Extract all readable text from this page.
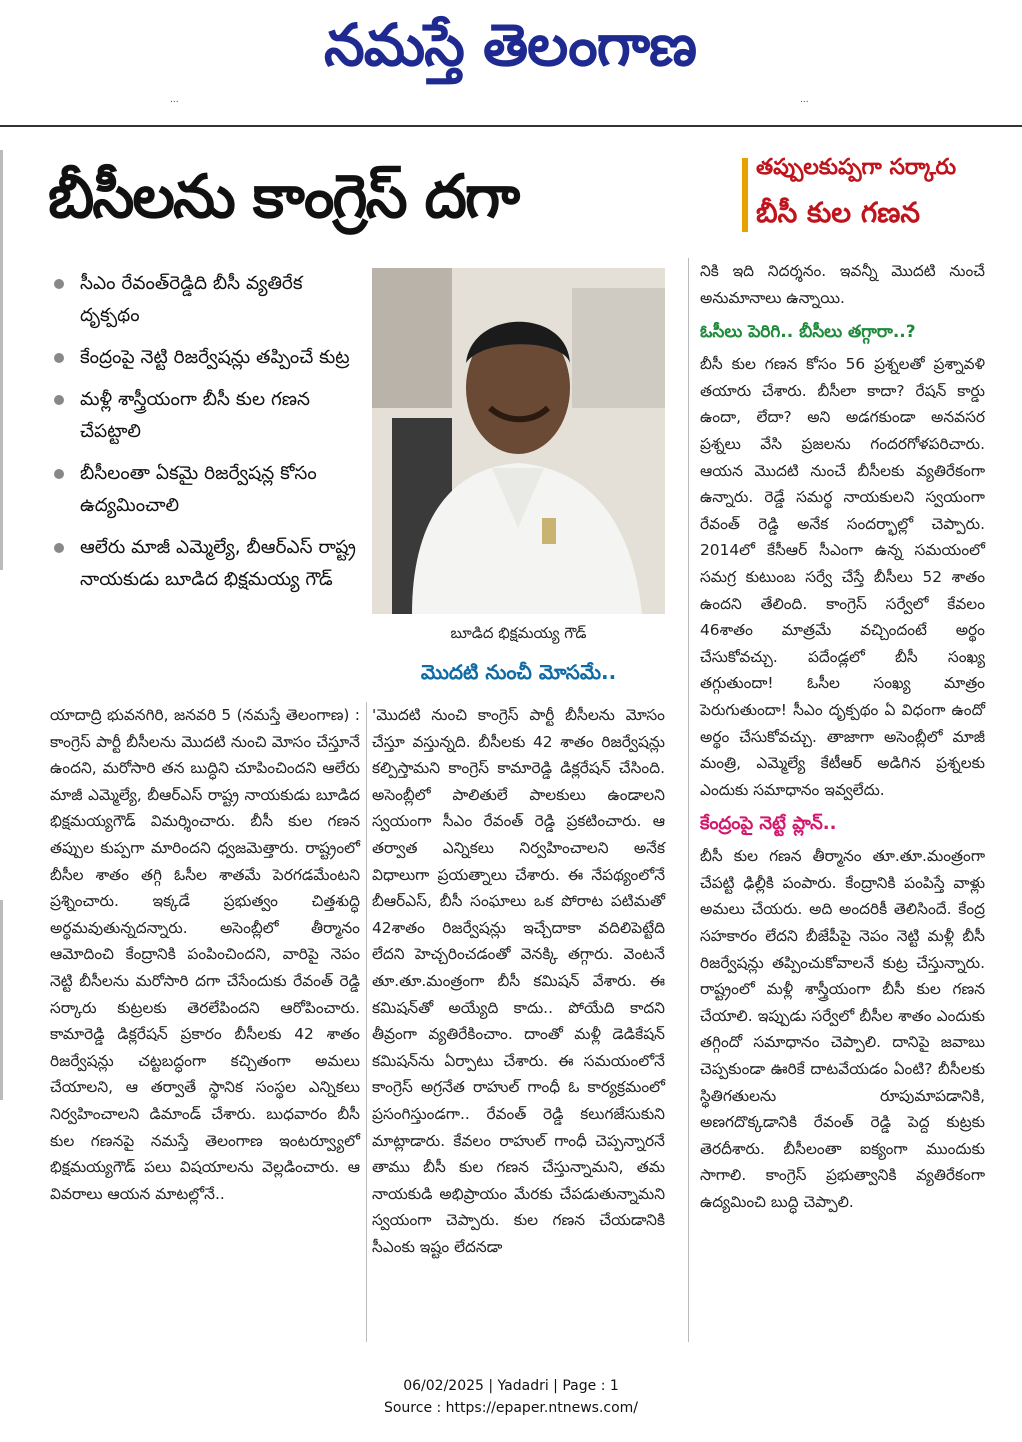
నమస్తే తెలంగాణ
...	...
బీసీలను కాంగ్రెస్ దగా	తప్పులకుప్పగా సర్కారు
బీసీ కుల గణన
సీఎం రేవంత్‌రెడ్డిది బీసీ వ్యతిరేక దృక్పథం
కేంద్రంపై నెట్టి రిజర్వేషన్లు తప్పించే కుట్ర
మళ్లీ శాస్త్రీయంగా బీసీ కుల గణన చేపట్టాలి
బీసీలంతా ఏకమై రిజర్వేషన్ల కోసం ఉద్యమించాలి
ఆలేరు మాజీ ఎమ్మెల్యే, బీఆర్ఎస్ రాష్ట్ర నాయకుడు బూడిద భిక్షమయ్య గౌడ్
బూడిద భిక్షమయ్య గౌడ్
మొదటి నుంచీ మోసమే..
యాదాద్రి భువనగిరి, జనవరి 5 (నమస్తే తెలంగాణ) : కాంగ్రెస్ పార్టీ బీసీలను మొదటి నుంచి మోసం చేస్తూనే ఉందని, మరోసారి తన బుద్ధిని చూపించిందని ఆలేరు మాజీ ఎమ్మెల్యే, బీఆర్ఎస్ రాష్ట్ర నాయకుడు బూడిద భిక్షమయ్యగౌడ్ విమర్శించారు. బీసీ కుల గణన తప్పుల కుప్పగా మారిందని ధ్వజమెత్తారు. రాష్ట్రంలో బీసీల శాతం తగ్గి ఓసీల శాతమే పెరగడమేంటని ప్రశ్నించారు. ఇక్కడే ప్రభుత్వం చిత్తశుద్ధి అర్థమవుతున్నదన్నారు. అసెంబ్లీలో తీర్మానం ఆమోదించి కేంద్రానికి పంపించిందని, వారిపై నెపం నెట్టి బీసీలను మరోసారి దగా చేసేందుకు రేవంత్ రెడ్డి సర్కారు కుట్రలకు తెరలేపిందని ఆరోపించారు. కామారెడ్డి డిక్లరేషన్ ప్రకారం బీసీలకు 42 శాతం రిజర్వేషన్లు చట్టబద్ధంగా కచ్చితంగా అమలు చేయాలని, ఆ తర్వాతే స్థానిక సంస్థల ఎన్నికలు నిర్వహించాలని డిమాండ్ చేశారు. బుధవారం బీసీ కుల గణనపై నమస్తే తెలంగాణ ఇంటర్వ్యూలో భిక్షమయ్యగౌడ్ పలు విషయాలను వెల్లడించారు. ఆ వివరాలు ఆయన మాటల్లోనే..
'మొదటి నుంచి కాంగ్రెస్ పార్టీ బీసీలను మోసం చేస్తూ వస్తున్నది. బీసీలకు 42 శాతం రిజర్వేషన్లు కల్పిస్తామని కాంగ్రెస్ కామారెడ్డి డిక్లరేషన్ చేసింది. అసెంబ్లీలో పాలితులే పాలకులు ఉండాలని స్వయంగా సీఎం రేవంత్ రెడ్డి ప్రకటించారు. ఆ తర్వాత ఎన్నికలు నిర్వహించాలని అనేక విధాలుగా ప్రయత్నాలు చేశారు. ఈ నేపథ్యంలోనే బీఆర్ఎస్, బీసీ సంఘాలు ఒక పోరాట పటిమతో 42శాతం రిజర్వేషన్లు ఇచ్చేదాకా వదిలిపెట్టేది లేదని హెచ్చరించడంతో వెనక్కి తగ్గారు. వెంటనే తూ.తూ.మంత్రంగా బీసీ కమిషన్ వేశారు. ఈ కమిషన్‌తో అయ్యేది కాదు.. పోయేది కాదని తీవ్రంగా వ్యతిరేకించాం. దాంతో మళ్లీ డెడికేషన్ కమిషన్‌ను ఏర్పాటు చేశారు. ఈ సమయంలోనే కాంగ్రెస్ అగ్రనేత రాహుల్ గాంధీ ఓ కార్యక్రమంలో ప్రసంగిస్తుండగా.. రేవంత్ రెడ్డి కలుగజేసుకుని మాట్లాడారు. కేవలం రాహుల్ గాంధీ చెప్పన్నారనే తాము బీసీ కుల గణన చేస్తున్నామని, తమ నాయకుడి అభిప్రాయం మేరకు చేపడుతున్నామని స్వయంగా చెప్పారు. కుల గణన చేయడానికి సీఎంకు ఇష్టం లేదనడా
నికి ఇది నిదర్శనం. ఇవన్నీ మొదటి నుంచే అనుమానాలు ఉన్నాయి.
ఓసీలు పెరిగి.. బీసీలు తగ్గారా..?
బీసీ కుల గణన కోసం 56 ప్రశ్నలతో ప్రశ్నావళి తయారు చేశారు. బీసీలా కాదా? రేషన్ కార్డు ఉందా, లేదా? అని అడగకుండా అనవసర ప్రశ్నలు వేసి ప్రజలను గందరగోళపరిచారు. ఆయన మొదటి నుంచే బీసీలకు వ్యతిరేకంగా ఉన్నారు. రెడ్డే సమర్థ నాయకులని స్వయంగా రేవంత్ రెడ్డి అనేక సందర్భాల్లో చెప్పారు. 2014లో కేసీఆర్ సీఎంగా ఉన్న సమయంలో సమగ్ర కుటుంబ సర్వే చేస్తే బీసీలు 52 శాతం ఉందని తేలింది. కాంగ్రెస్ సర్వేలో కేవలం 46శాతం మాత్రమే వచ్చిందంటే అర్థం చేసుకోవచ్చు. పదేండ్లలో బీసీ సంఖ్య తగ్గుతుందా! ఓసీల సంఖ్య మాత్రం పెరుగుతుందా! సీఎం దృక్పథం ఏ విధంగా ఉందో అర్థం చేసుకోవచ్చు. తాజాగా అసెంబ్లీలో మాజీ మంత్రి, ఎమ్మెల్యే కేటీఆర్ అడిగిన ప్రశ్నలకు ఎందుకు సమాధానం ఇవ్వలేదు.
కేంద్రంపై నెట్టే ప్లాన్..
బీసీ కుల గణన తీర్మానం తూ.తూ.మంత్రంగా చేపట్టి ఢిల్లీకి పంపారు. కేంద్రానికి పంపిస్తే వాళ్లు అమలు చేయరు. అది అందరికీ తెలిసిందే. కేంద్ర సహకారం లేదని బీజేపీపై నెపం నెట్టి మళ్లీ బీసీ రిజర్వేషన్లు తప్పించుకోవాలనే కుట్ర చేస్తున్నారు. రాష్ట్రంలో మళ్లీ శాస్త్రీయంగా బీసీ కుల గణన చేయాలి. ఇప్పుడు సర్వేలో బీసీల శాతం ఎందుకు తగ్గిందో సమాధానం చెప్పాలి. దానిపై జవాబు చెప్పకుండా ఊరికే దాటవేయడం ఏంటి? బీసీలకు స్థితిగతులను రూపుమాపడానికి, అణగదొక్కడానికి రేవంత్ రెడ్డి పెద్ద కుట్రకు తెరదీశారు. బీసీలంతా ఐక్యంగా ముందుకు సాగాలి. కాంగ్రెస్ ప్రభుత్వానికి వ్యతిరేకంగా ఉద్యమించి బుద్ధి చెప్పాలి.
06/02/2025 | Yadadri | Page : 1
Source : https://epaper.ntnews.com/
